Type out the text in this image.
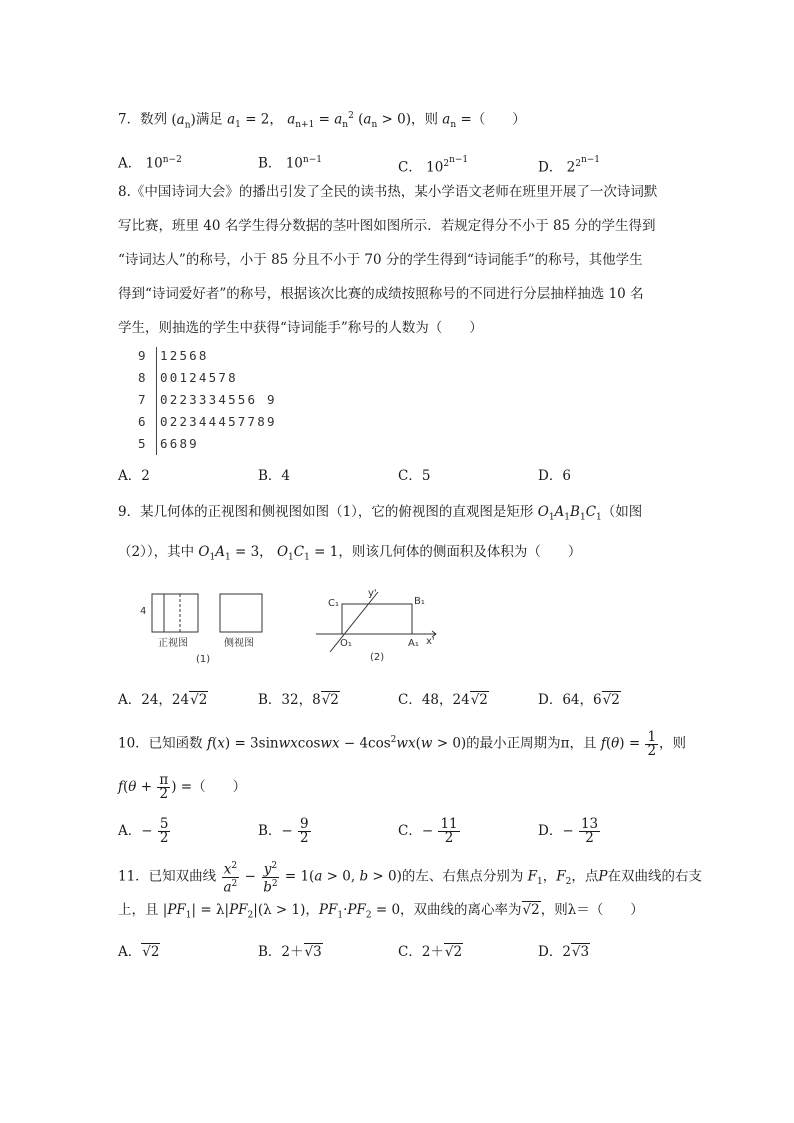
7．数列 $(a_n)$满足 $a_1 = 2$， $a_{n+1} = a_n^2$ $(a_n > 0)$，则 $a_n$ =（　　）
A． $10^{n-2}$	B． $10^{n-1}$	C． $10^{2^{n-1}}$	D． $2^{2^{n-1}}$
8.《中国诗词大会》的播出引发了全民的读书热，某小学语文老师在班里开展了一次诗词默
写比赛，班里 40 名学生得分数据的茎叶图如图所示．若规定得分不小于 85 分的学生得到
“诗词达人”的称号，小于 85 分且不小于 70 分的学生得到“诗词能手”的称号，其他学生
得到“诗词爱好者”的称号，根据该次比赛的成绩按照称号的不同进行分层抽样抽选 10 名
学生，则抽选的学生中获得“诗词能手”称号的人数为（　　）
9 12568
8 00124578
7 0223334556 9
6 022344457789
5 6689
A．2	B．4	C．5	D．6
9．某几何体的正视图和侧视图如图（1），它的俯视图的直观图是矩形 $O_1A_1B_1C_1$（如图
（2）），其中 $O_1A_1 = 3$， $O_1C_1 = 1$，则该几何体的侧面积及体积为（　　）
4
正视图	侧视图
(1)
C₁
y'
B₁
O₁	A₁ x'
(2)
A．24，24√2	B．32，8√2	C．48，24√2	D．64，6√2
10．已知函数 f(x) = 3sinwxcoswx − $4\cos^2wx(w > 0)$的最小正周期为π，且 $f(\theta) = \frac{1}{2}$ ，则
$f(\theta + \frac{\pi}{2}$ ) =（　　）
A．− $\frac{5}{2}$	B．− $\frac{9}{2}$	C．− $\frac{11}{2}$	D．− $\frac{13}{2}$
11．已知双曲线 $\frac{x^2}{a^2} - \frac{y^2}{b^2} = 1(a > 0$, b > 0)的左、右焦点分别为 $F_1$，$F_2$，点P在双曲线的右支
上，且 $|PF_1| = \lambda|PF_2|(\lambda > 1)$，$PF_1\cdot PF_2 = 0$，双曲线的离心率为√2，则λ＝（　　）
A．√2	B．2＋√3	C．2＋√2	D．2√3
